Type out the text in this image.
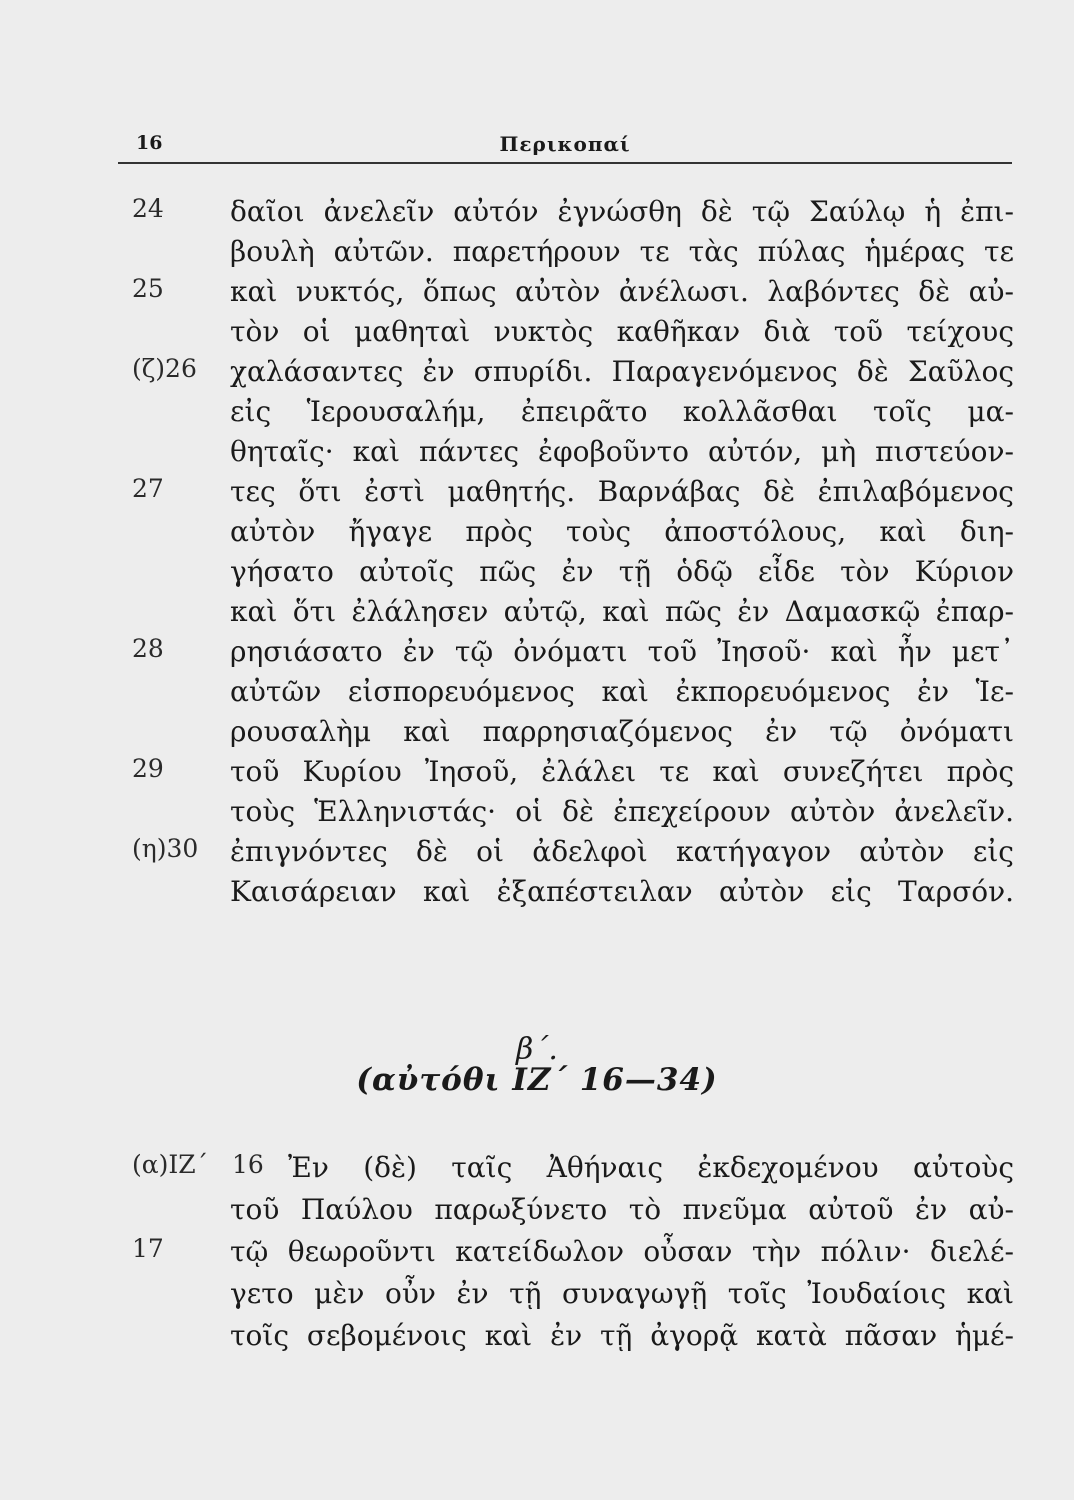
16	Περικοπαί
24 δαῖοι ἀνελεῖν αὐτόν ἐγνώσθη δὲ τῷ Σαύλῳ ἡ ἐπι-
βουλὴ αὐτῶν. παρετήρουν τε τὰς πύλας ἡμέρας τε
25 καὶ νυκτός, ὅπως αὐτὸν ἀνέλωσι. λαβόντες δὲ αὐ-
τὸν οἱ μαθηταὶ νυκτὸς καθῆκαν διὰ τοῦ τείχους
(ζ)26 χαλάσαντες ἐν σπυρίδι. Παραγενόμενος δὲ Σαῦλος
εἰς Ἱερουσαλήμ, ἐπειρᾶτο κολλᾶσθαι τοῖς μα-
θηταῖς· καὶ πάντες ἐφοβοῦντο αὐτόν, μὴ πιστεύον-
27 τες ὅτι ἐστὶ μαθητής. Βαρνάβας δὲ ἐπιλαβόμενος
αὐτὸν ἤγαγε πρὸς τοὺς ἀποστόλους, καὶ διη-
γήσατο αὐτοῖς πῶς ἐν τῇ ὁδῷ εἶδε τὸν Κύριον
καὶ ὅτι ἐλάλησεν αὐτῷ, καὶ πῶς ἐν Δαμασκῷ ἐπαρ-
28 ρησιάσατο ἐν τῷ ὀνόματι τοῦ Ἰησοῦ· καὶ ἦν μετ᾿
αὐτῶν εἰσπορευόμενος καὶ ἐκπορευόμενος ἐν Ἱε-
ρουσαλὴμ καὶ παρρησιαζόμενος ἐν τῷ ὀνόματι
29 τοῦ Κυρίου Ἰησοῦ, ἐλάλει τε καὶ συνεζήτει πρὸς
τοὺς Ἑλληνιστάς· οἱ δὲ ἐπεχείρουν αὐτὸν ἀνελεῖν.
(η)30 ἐπιγνόντες δὲ οἱ ἀδελφοὶ κατήγαγον αὐτὸν εἰς
Καισάρειαν καὶ ἐξαπέστειλαν αὐτὸν εἰς Ταρσόν.
β΄.
(αὐτόθι ΙΖ΄ 16—34)
(α)ΙΖ΄ 16 Ἐν (δὲ) ταῖς Ἀθήναις ἐκδεχομένου αὐτοὺς
τοῦ Παύλου παρωξύνετο τὸ πνεῦμα αὐτοῦ ἐν αὐ-
17 τῷ θεωροῦντι κατείδωλον οὖσαν τὴν πόλιν· διελέ-
γετο μὲν οὖν ἐν τῇ συναγωγῇ τοῖς Ἰουδαίοις καὶ
τοῖς σεβομένοις καὶ ἐν τῇ ἀγορᾷ κατὰ πᾶσαν ἡμέ-
